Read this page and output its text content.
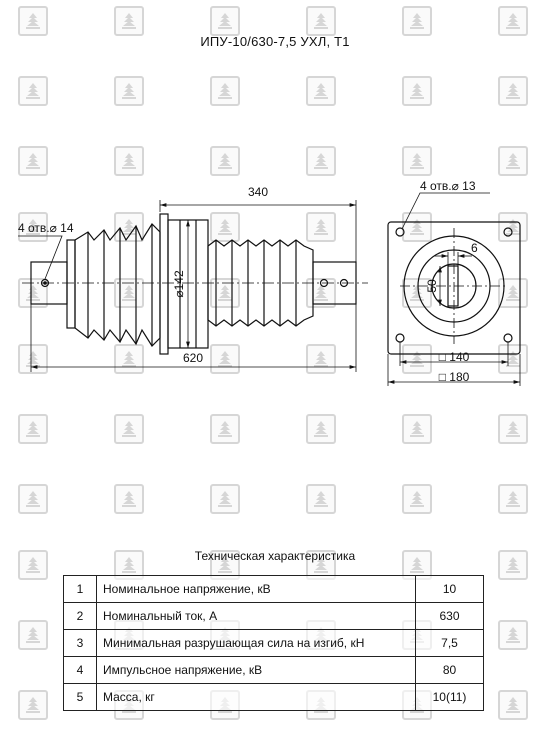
ИПУ-10/630-7,5 УХЛ, Т1
340
620
⌀142
4 отв.⌀ 14
4 отв.⌀ 13
6
50
□ 140
□ 180
Техническая характеристика
1	Номинальное напряжение, кВ	10
2	Номинальный ток, А	630
3	Минимальная разрушающая сила на изгиб, кН	7,5
4	Импульсное напряжение, кВ	80
5	Масса, кг	10(11)
